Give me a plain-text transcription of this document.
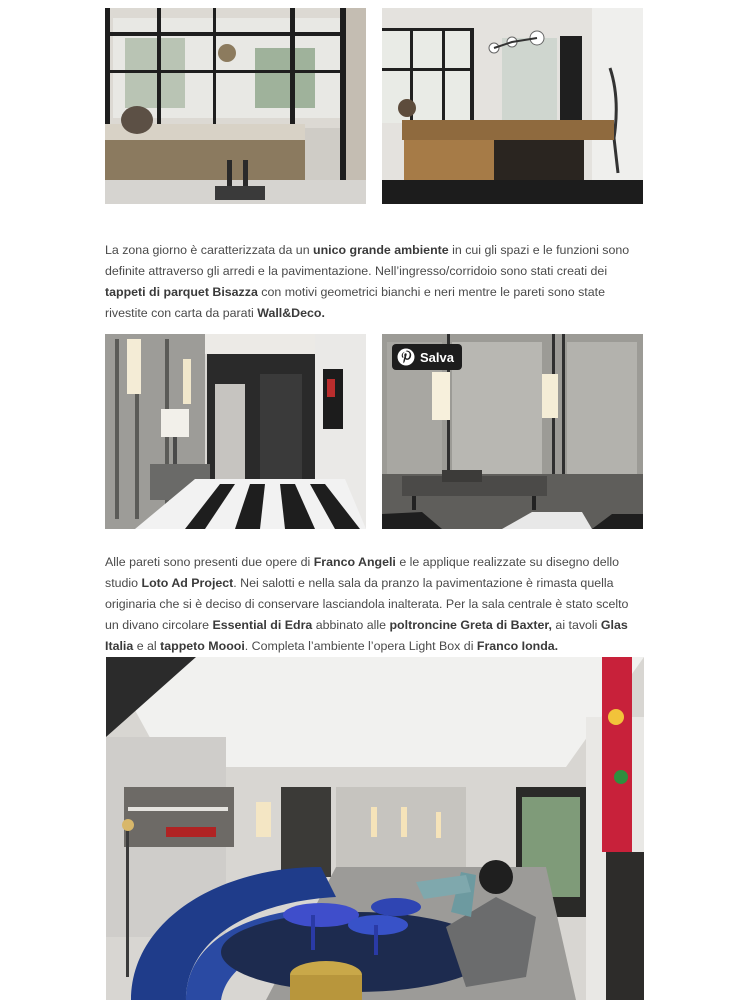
La zona giorno è caratterizzata da un unico grande ambiente in cui gli spazi e le funzioni sono definite attraverso gli arredi e la pavimentazione. Nell’ingresso/corridoio sono stati creati dei tappeti di parquet Bisazza con motivi geometrici bianchi e neri mentre le pareti sono state rivestite con carta da parati Wall&Deco.

Salva

Alle pareti sono presenti due opere di Franco Angeli e le applique realizzate su disegno dello studio Loto Ad Project. Nei salotti e nella sala da pranzo la pavimentazione è rimasta quella originaria che si è deciso di conservare lasciandola inalterata. Per la sala centrale è stato scelto un divano circolare Essential di Edra abbinato alle poltroncine Greta di Baxter, ai tavoli Glas Italia e al tappeto Moooi. Completa l’ambiente l’opera Light Box di Franco Ionda.
